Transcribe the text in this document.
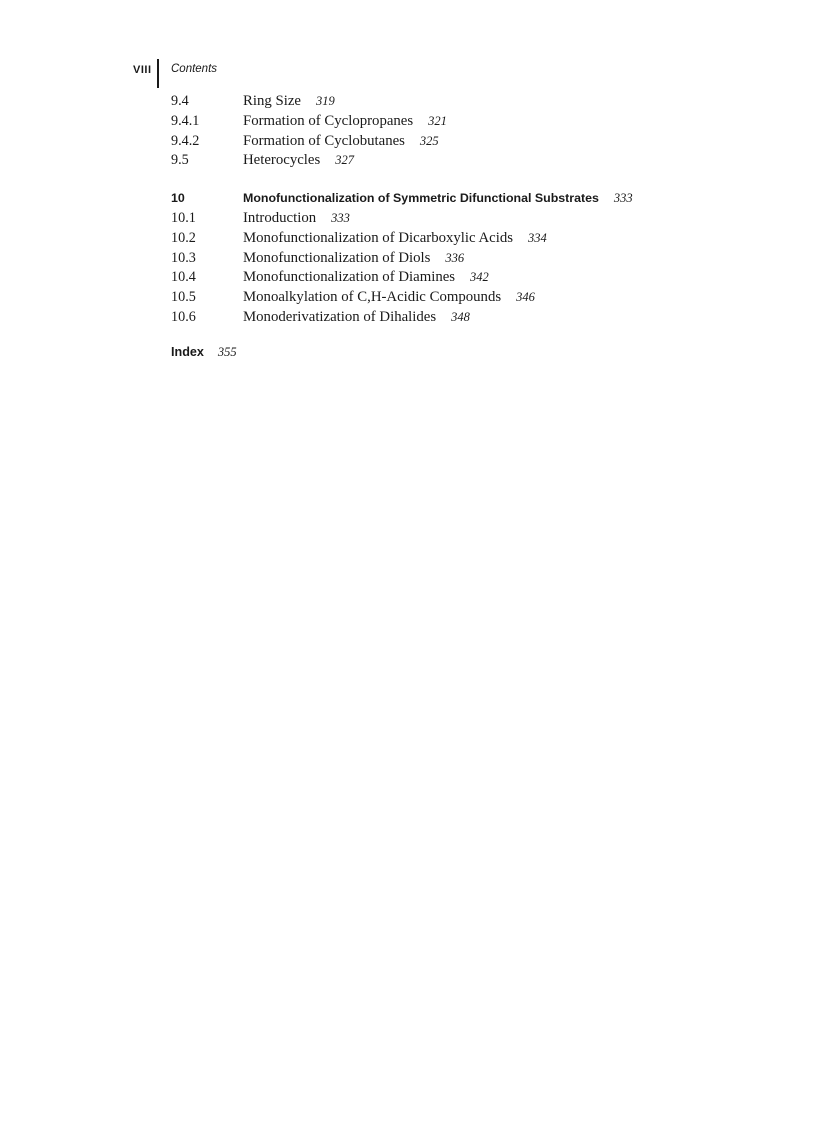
VIII	Contents
9.4	Ring Size 319
9.4.1	Formation of Cyclopropanes 321
9.4.2	Formation of Cyclobutanes 325
9.5	Heterocycles 327
10	Monofunctionalization of Symmetric Difunctional Substrates 333
10.1	Introduction 333
10.2	Monofunctionalization of Dicarboxylic Acids 334
10.3	Monofunctionalization of Diols 336
10.4	Monofunctionalization of Diamines 342
10.5	Monoalkylation of C,H-Acidic Compounds 346
10.6	Monoderivatization of Dihalides 348
Index 355
